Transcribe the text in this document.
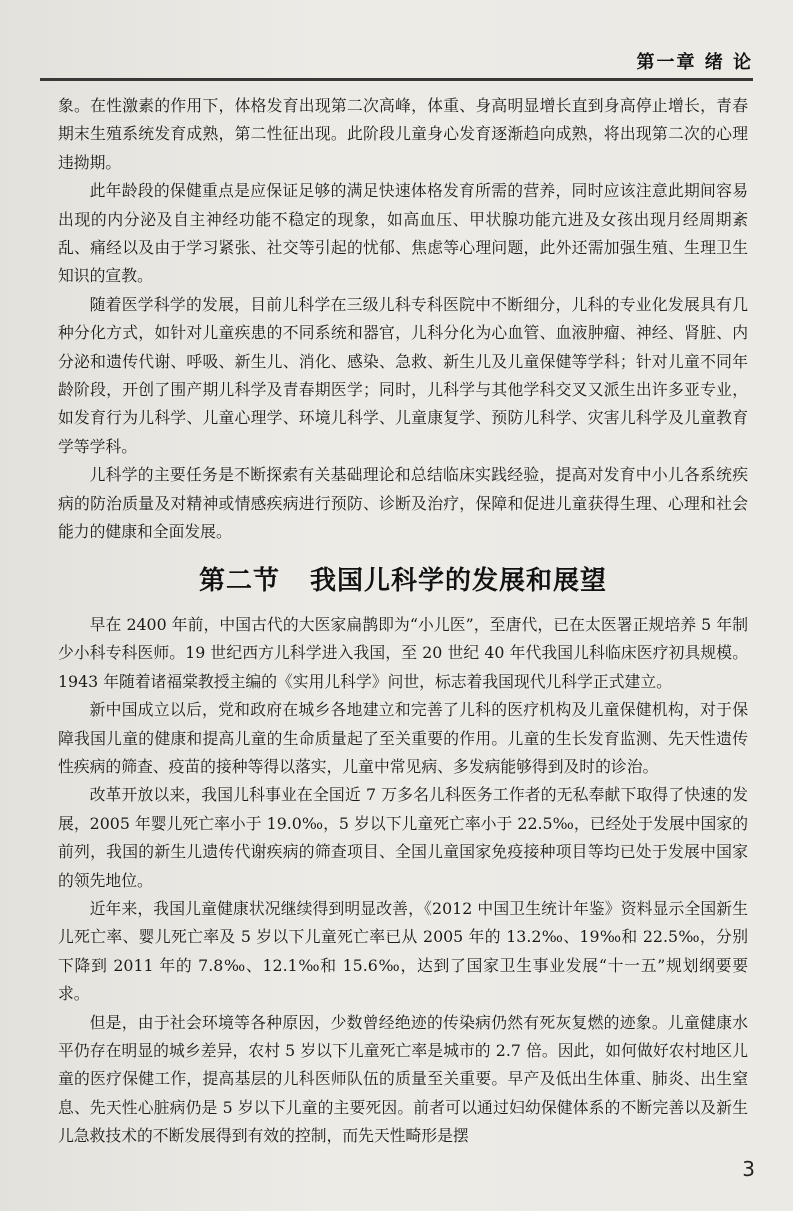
第一章 绪 论

象。在性激素的作用下，体格发育出现第二次高峰，体重、身高明显增长直到身高停止增长，青春期末生殖系统发育成熟，第二性征出现。此阶段儿童身心发育逐渐趋向成熟，将出现第二次的心理违拗期。

此年龄段的保健重点是应保证足够的满足快速体格发育所需的营养，同时应该注意此期间容易出现的内分泌及自主神经功能不稳定的现象，如高血压、甲状腺功能亢进及女孩出现月经周期紊乱、痛经以及由于学习紧张、社交等引起的忧郁、焦虑等心理问题，此外还需加强生殖、生理卫生知识的宣教。

随着医学科学的发展，目前儿科学在三级儿科专科医院中不断细分，儿科的专业化发展具有几种分化方式，如针对儿童疾患的不同系统和器官，儿科分化为心血管、血液肿瘤、神经、肾脏、内分泌和遗传代谢、呼吸、新生儿、消化、感染、急救、新生儿及儿童保健等学科；针对儿童不同年龄阶段，开创了围产期儿科学及青春期医学；同时，儿科学与其他学科交叉又派生出许多亚专业，如发育行为儿科学、儿童心理学、环境儿科学、儿童康复学、预防儿科学、灾害儿科学及儿童教育学等学科。

儿科学的主要任务是不断探索有关基础理论和总结临床实践经验，提高对发育中小儿各系统疾病的防治质量及对精神或情感疾病进行预防、诊断及治疗，保障和促进儿童获得生理、心理和社会能力的健康和全面发展。

第二节 我国儿科学的发展和展望

早在 2400 年前，中国古代的大医家扁鹊即为“小儿医”，至唐代，已在太医署正规培养 5 年制少小科专科医师。19 世纪西方儿科学进入我国，至 20 世纪 40 年代我国儿科临床医疗初具规模。1943 年随着诸福棠教授主编的《实用儿科学》问世，标志着我国现代儿科学正式建立。

新中国成立以后，党和政府在城乡各地建立和完善了儿科的医疗机构及儿童保健机构，对于保障我国儿童的健康和提高儿童的生命质量起了至关重要的作用。儿童的生长发育监测、先天性遗传性疾病的筛查、疫苗的接种等得以落实，儿童中常见病、多发病能够得到及时的诊治。

改革开放以来，我国儿科事业在全国近 7 万多名儿科医务工作者的无私奉献下取得了快速的发展，2005 年婴儿死亡率小于 19.0‰，5 岁以下儿童死亡率小于 22.5‰，已经处于发展中国家的前列，我国的新生儿遗传代谢疾病的筛查项目、全国儿童国家免疫接种项目等均已处于发展中国家的领先地位。

近年来，我国儿童健康状况继续得到明显改善，《2012 中国卫生统计年鉴》资料显示全国新生儿死亡率、婴儿死亡率及 5 岁以下儿童死亡率已从 2005 年的 13.2‰、19‰和 22.5‰，分别下降到 2011 年的 7.8‰、12.1‰和 15.6‰，达到了国家卫生事业发展“十一五”规划纲要要求。

但是，由于社会环境等各种原因，少数曾经绝迹的传染病仍然有死灰复燃的迹象。儿童健康水平仍存在明显的城乡差异，农村 5 岁以下儿童死亡率是城市的 2.7 倍。因此，如何做好农村地区儿童的医疗保健工作，提高基层的儿科医师队伍的质量至关重要。早产及低出生体重、肺炎、出生窒息、先天性心脏病仍是 5 岁以下儿童的主要死因。前者可以通过妇幼保健体系的不断完善以及新生儿急救技术的不断发展得到有效的控制，而先天性畸形是摆

3
